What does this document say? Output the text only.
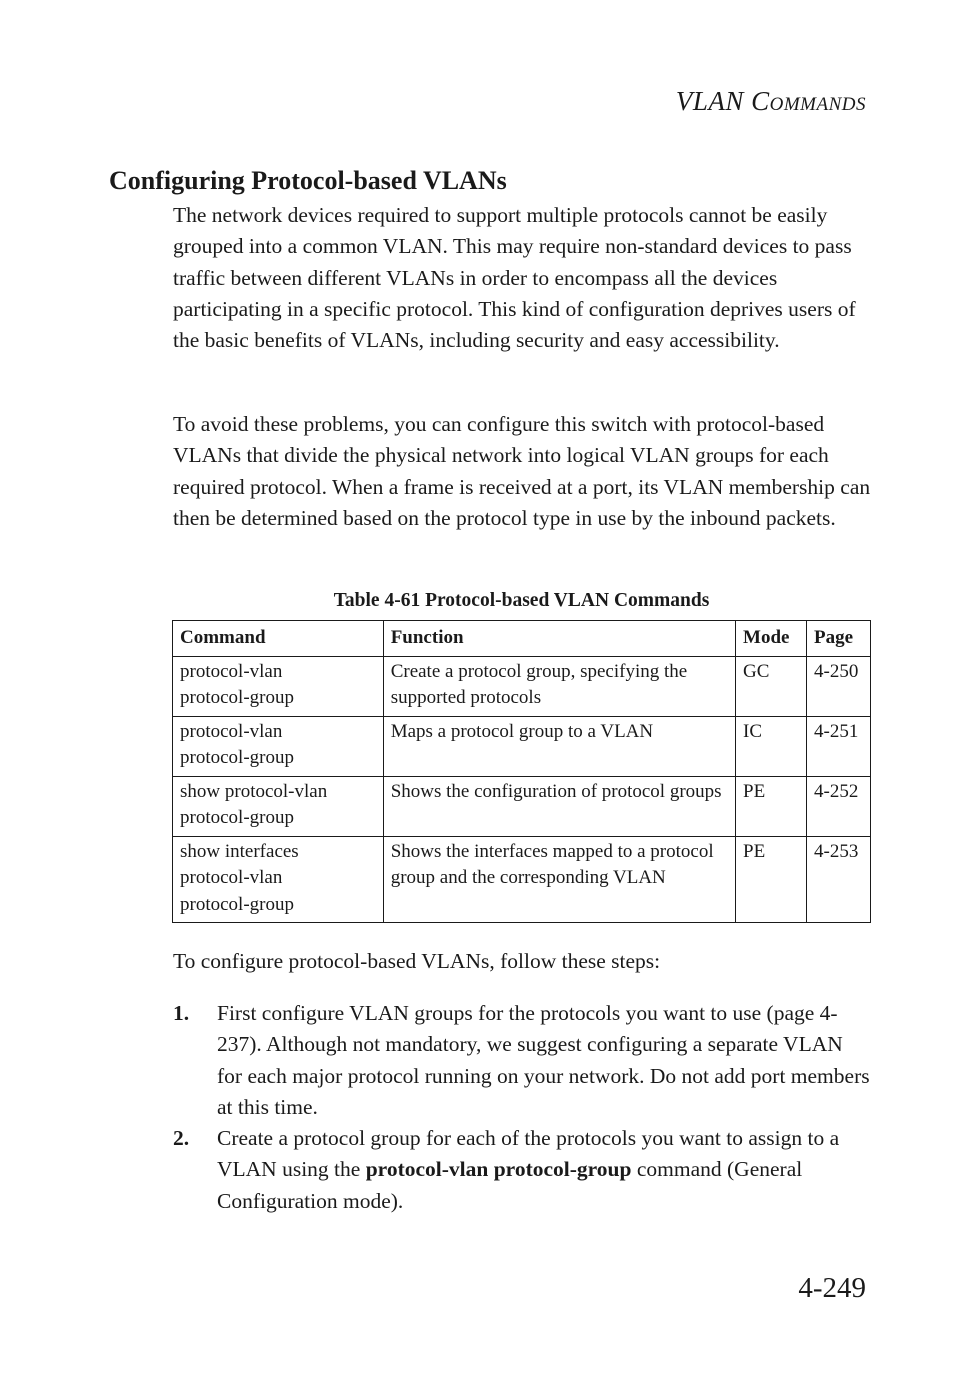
VLAN COMMANDS
Configuring Protocol-based VLANs

The network devices required to support multiple protocols cannot be easily grouped into a common VLAN. This may require non-standard devices to pass traffic between different VLANs in order to encompass all the devices participating in a specific protocol. This kind of configuration deprives users of the basic benefits of VLANs, including security and easy accessibility.

To avoid these problems, you can configure this switch with protocol-based VLANs that divide the physical network into logical VLAN groups for each required protocol. When a frame is received at a port, its VLAN membership can then be determined based on the protocol type in use by the inbound packets.

Table 4-61 Protocol-based VLAN Commands
Command	Function	Mode	Page

protocol-vlan
protocol-group	Create a protocol group, specifying the supported protocols	GC	4-250

protocol-vlan
protocol-group	Maps a protocol group to a VLAN	IC	4-251

show protocol-vlan
protocol-group	Shows the configuration of protocol groups	PE	4-252

show interfaces
protocol-vlan
protocol-group	Shows the interfaces mapped to a protocol group and the corresponding VLAN	PE	4-253

To configure protocol-based VLANs, follow these steps:

1. First configure VLAN groups for the protocols you want to use (page 4-237). Although not mandatory, we suggest configuring a separate VLAN for each major protocol running on your network. Do not add port members at this time.
2. Create a protocol group for each of the protocols you want to assign to a VLAN using the protocol-vlan protocol-group command (General Configuration mode).
4-249
